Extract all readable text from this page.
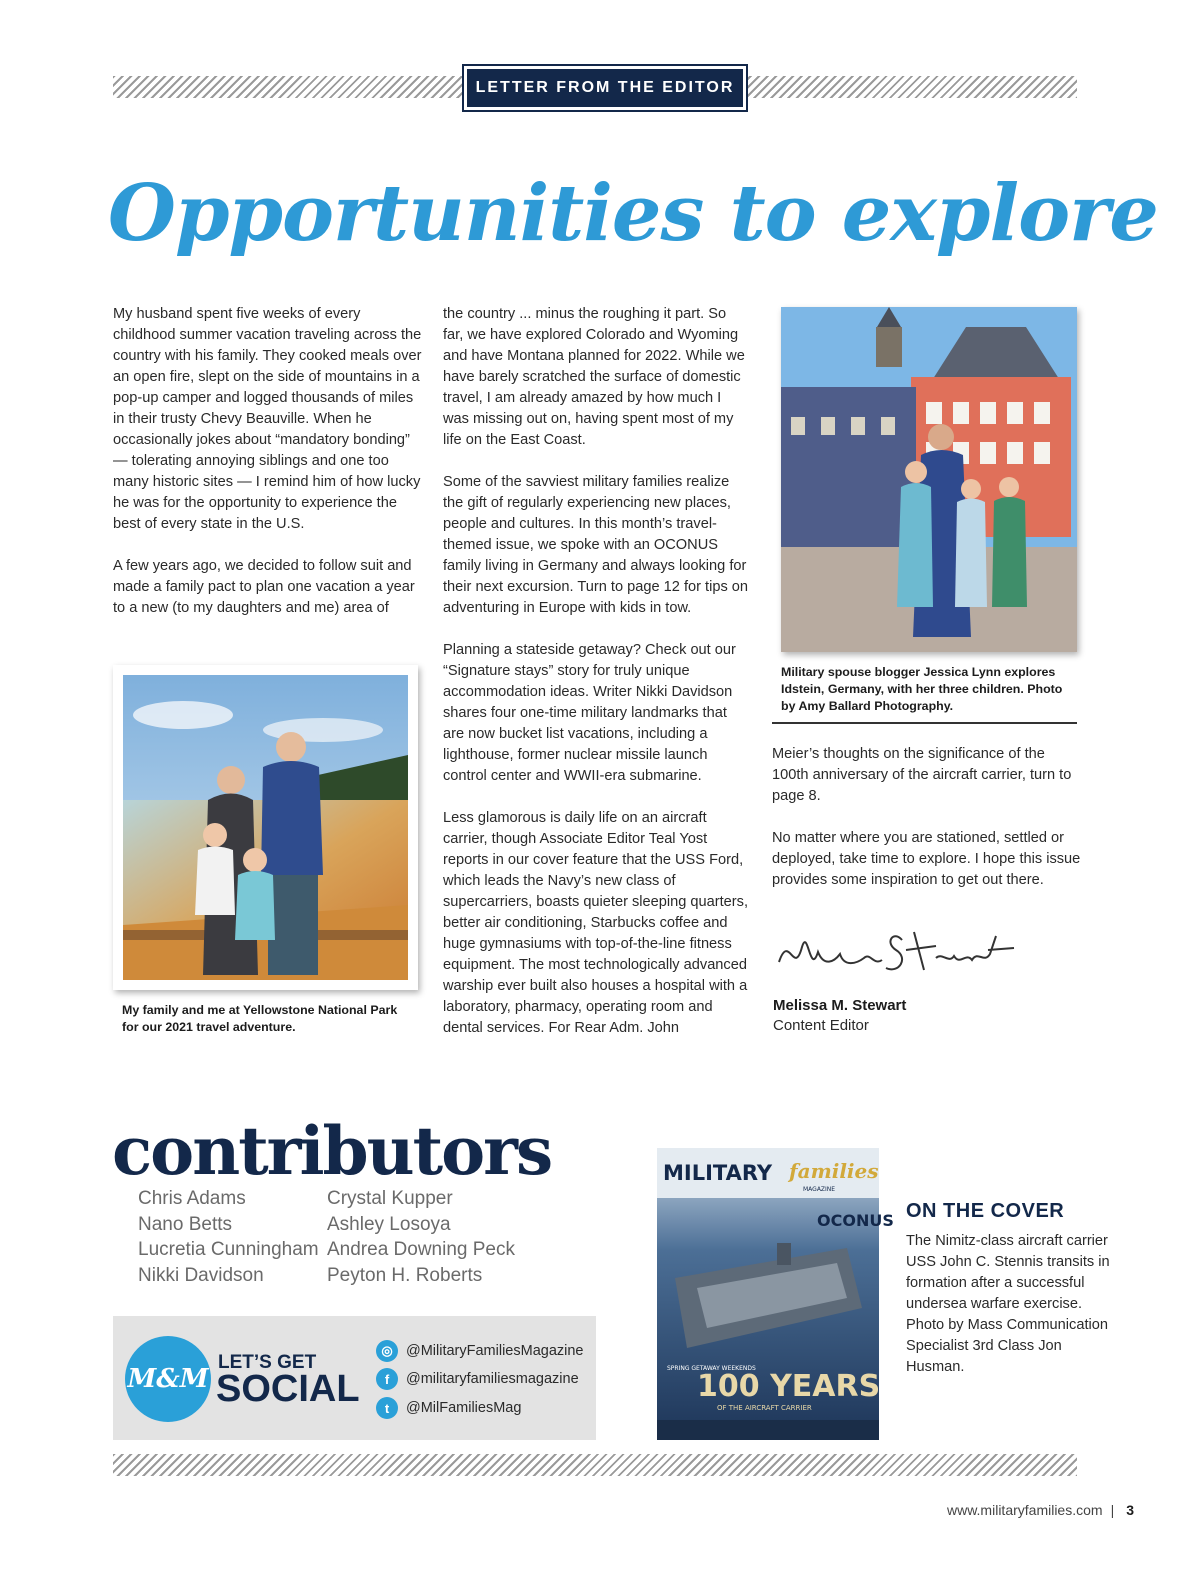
LETTER FROM THE EDITOR
Opportunities to explore

My husband spent five weeks of every childhood summer vacation traveling across the country with his family. They cooked meals over an open fire, slept on the side of mountains in a pop-up camper and logged thousands of miles in their trusty Chevy Beauville. When he occasionally jokes about “mandatory bonding” — tolerating annoying siblings and one too many historic sites — I remind him of how lucky he was for the opportunity to experience the best of every state in the U.S.

A few years ago, we decided to follow suit and made a family pact to plan one vacation a year to a new (to my daughters and me) area of

My family and me at Yellowstone National Park for our 2021 travel adventure.

the country ... minus the roughing it part. So far, we have explored Colorado and Wyoming and have Montana planned for 2022. While we have barely scratched the surface of domestic travel, I am already amazed by how much I was missing out on, having spent most of my life on the East Coast.

Some of the savviest military families realize the gift of regularly experiencing new places, people and cultures. In this month’s travel-themed issue, we spoke with an OCONUS family living in Germany and always looking for their next excursion. Turn to page 12 for tips on adventuring in Europe with kids in tow.

Planning a stateside getaway? Check out our “Signature stays” story for truly unique accommodation ideas. Writer Nikki Davidson shares four one-time military landmarks that are now bucket list vacations, including a lighthouse, former nuclear missile launch control center and WWII-era submarine.

Less glamorous is daily life on an aircraft carrier, though Associate Editor Teal Yost reports in our cover feature that the USS Ford, which leads the Navy’s new class of supercarriers, boasts quieter sleeping quarters, better air conditioning, Starbucks coffee and huge gymnasiums with top-of-the-line fitness equipment. The most technologically advanced warship ever built also houses a hospital with a laboratory, pharmacy, operating room and dental services. For Rear Adm. John

Military spouse blogger Jessica Lynn explores Idstein, Germany, with her three children. Photo by Amy Ballard Photography.

Meier’s thoughts on the significance of the 100th anniversary of the aircraft carrier, turn to page 8.

No matter where you are stationed, settled or deployed, take time to explore. I hope this issue provides some inspiration to get out there.

Melissa M. Stewart
Content Editor
contributors
Chris Adams
Nano Betts
Lucretia Cunningham
Nikki Davidson
Crystal Kupper
Ashley Losoya
Andrea Downing Peck
Peyton H. Roberts
M&M
LET’S GET
SOCIAL
◎ @MilitaryFamiliesMagazine
f	@militaryfamiliesmagazine
t	@MilFamiliesMag
MILITARY families
MAGAZINE
OCONUS
SPRING GETAWAY WEEKENDS
100 YEARS
OF THE AIRCRAFT CARRIER
ON THE COVER
The Nimitz-class aircraft carrier USS John C. Stennis transits in formation after a successful undersea warfare exercise. Photo by Mass Communication Specialist 3rd Class Jon Husman.
www.militaryfamilies.com | 3
